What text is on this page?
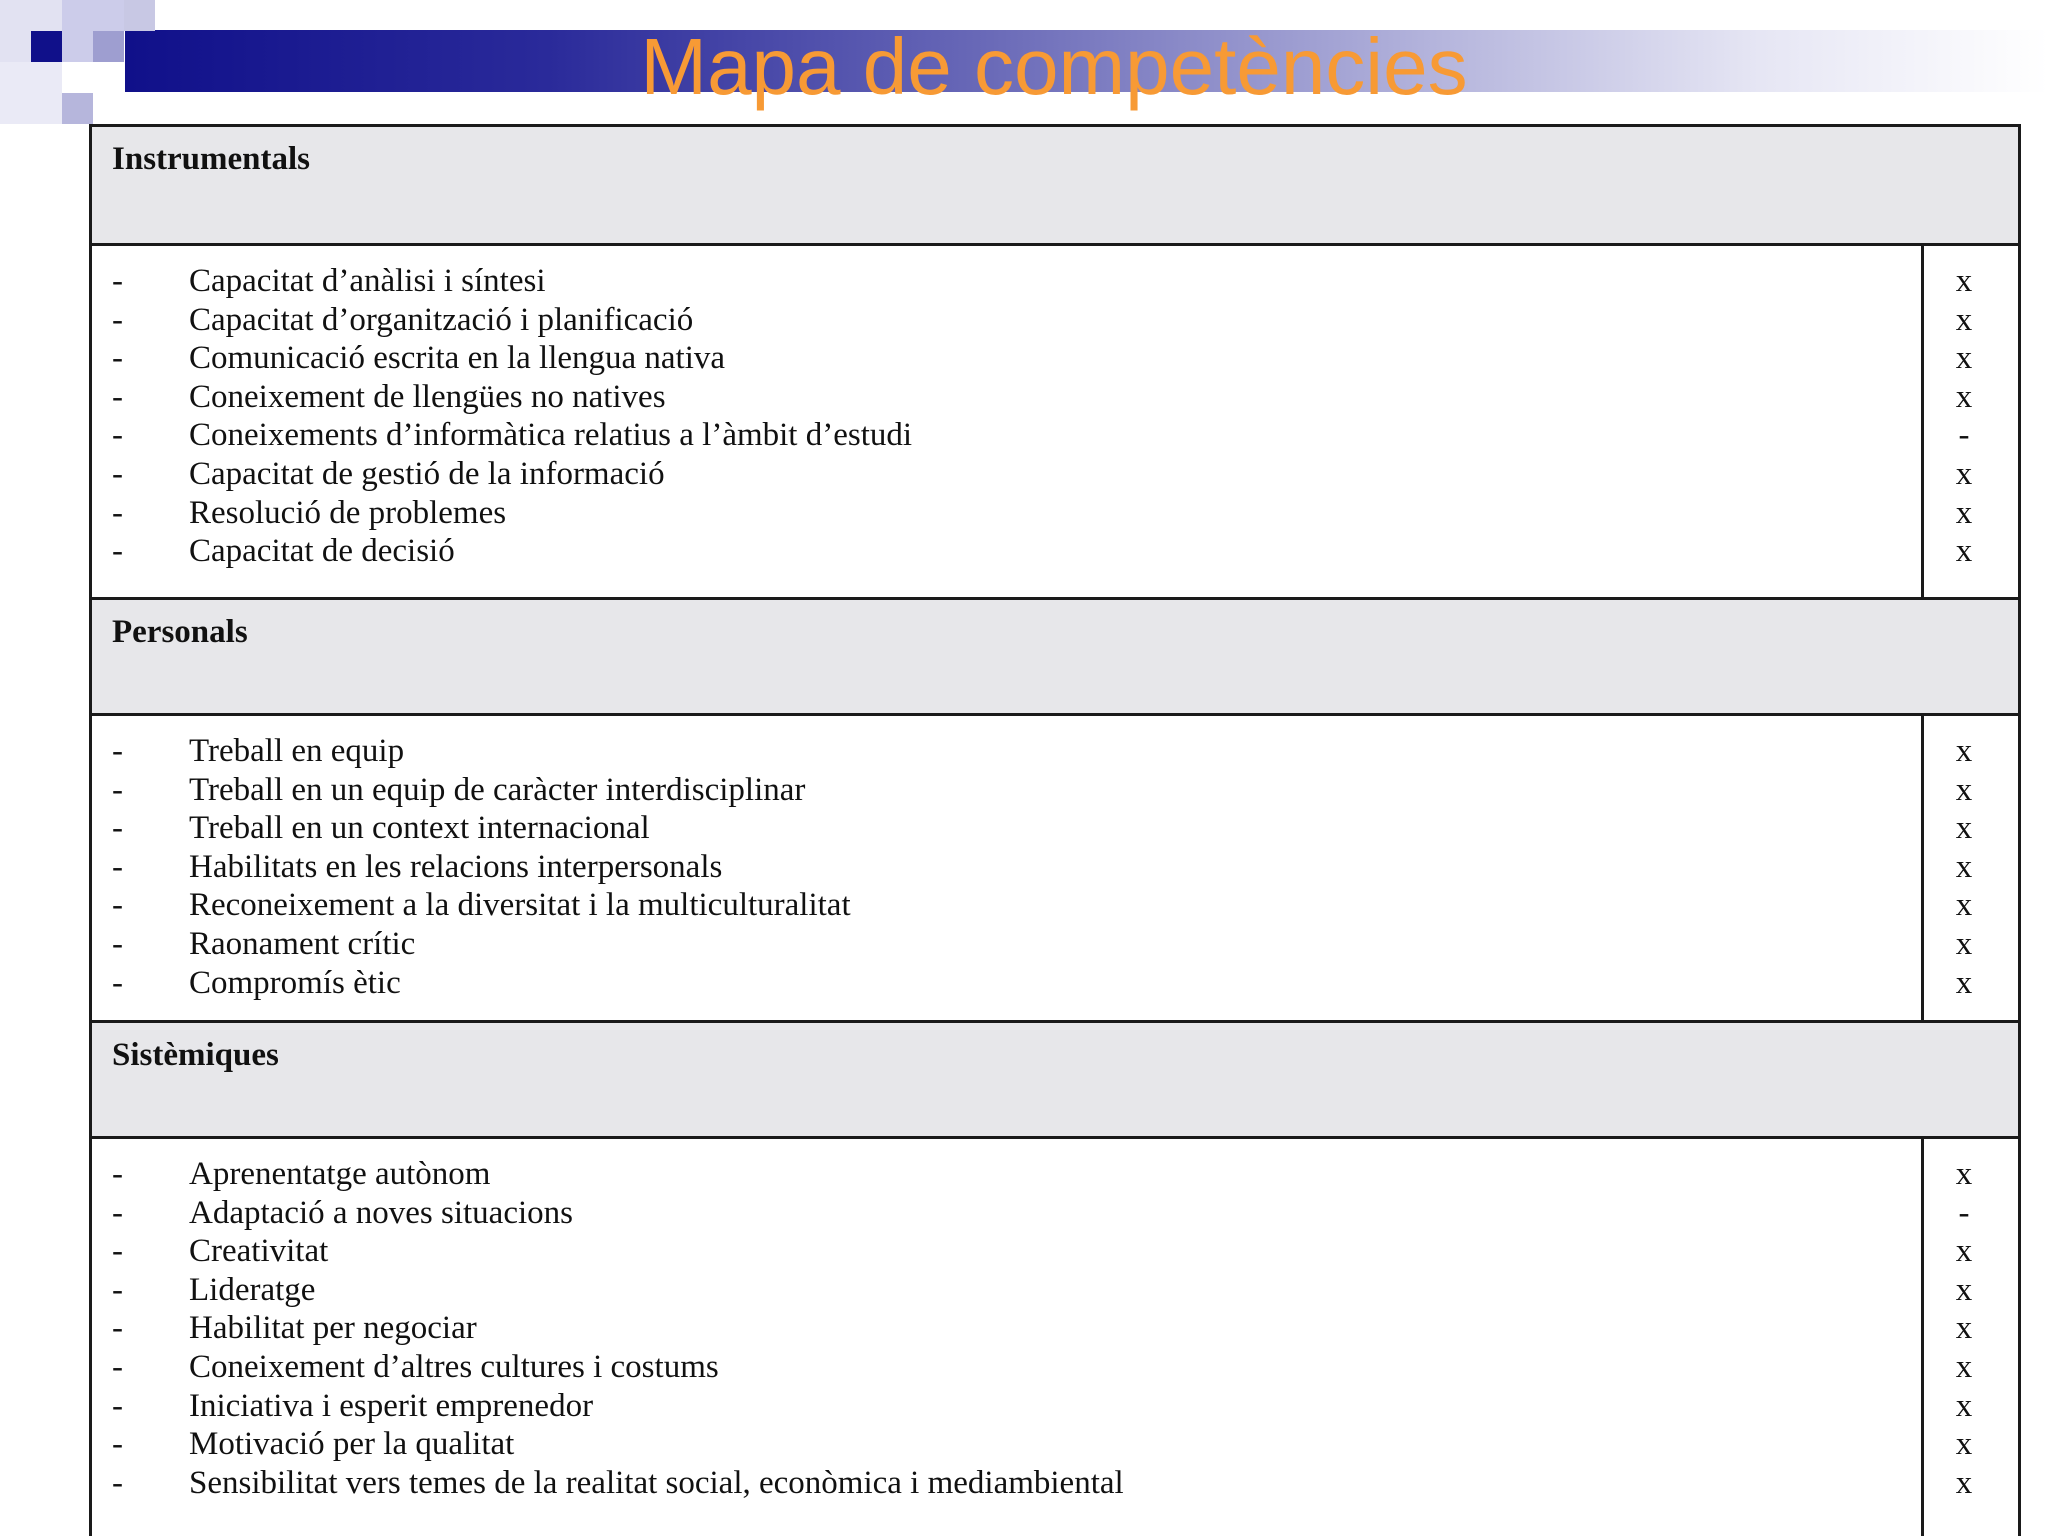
Mapa de competències
Instrumentals
- Capacitat d’anàlisi i síntesi	x
- Capacitat d’organització i planificació	x
- Comunicació escrita en la llengua nativa	x
- Coneixement de llengües no natives	x
- Coneixements d’informàtica relatius a l’àmbit d’estudi	-
- Capacitat de gestió de la informació	x
- Resolució de problemes	x
- Capacitat de decisió	x
Personals
- Treball en equip	x
- Treball en un equip de caràcter interdisciplinar	x
- Treball en un context internacional	x
- Habilitats en les relacions interpersonals	x
- Reconeixement a la diversitat i la multiculturalitat	x
- Raonament crític	x
- Compromís ètic	x
Sistèmiques
- Aprenentatge autònom	x
- Adaptació a noves situacions	-
- Creativitat	x
- Lideratge	x
- Habilitat per negociar	x
- Coneixement d’altres cultures i costums	x
- Iniciativa i esperit emprenedor	x
- Motivació per la qualitat	x
- Sensibilitat vers temes de la realitat social, econòmica i mediambiental	x
